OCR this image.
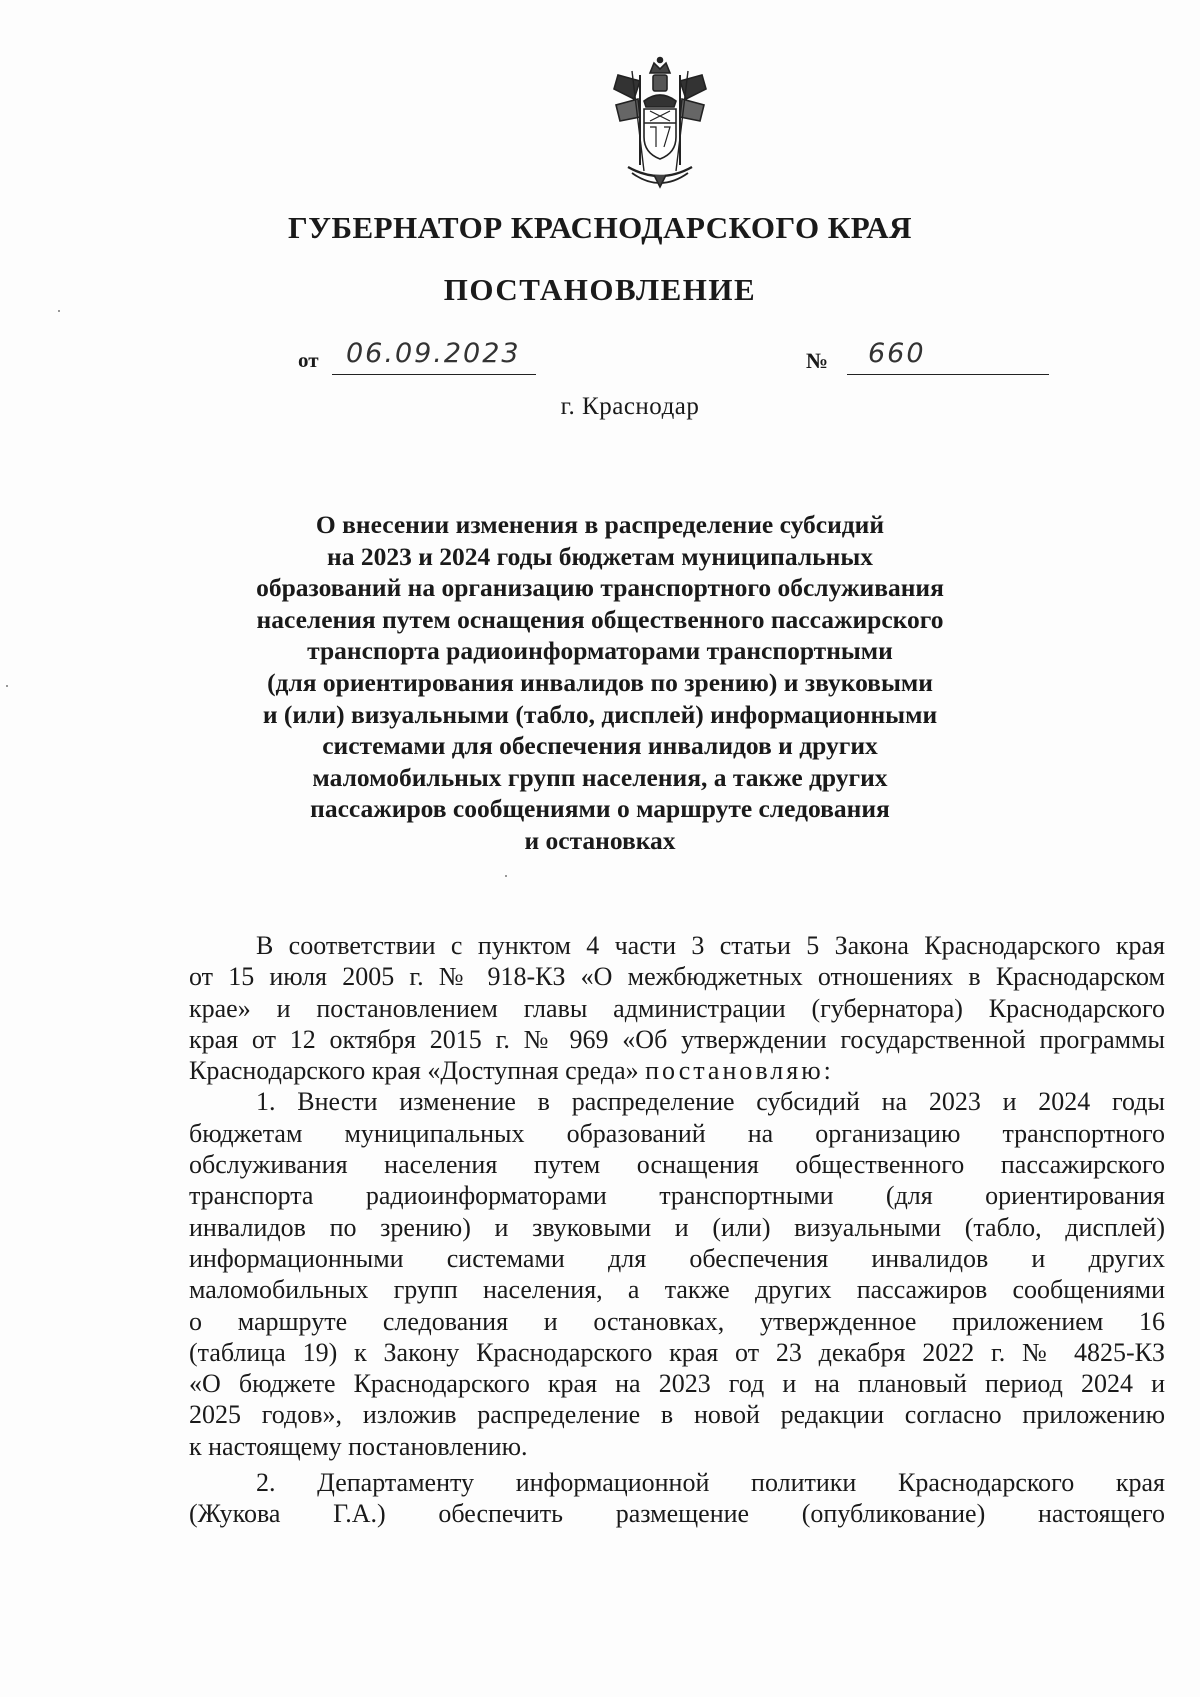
ГУБЕРНАТОР КРАСНОДАРСКОГО КРАЯ
ПОСТАНОВЛЕНИЕ
от 06.09.2023	№ 660
г. Краснодар
О внесении изменения в распределение субсидий
на 2023 и 2024 годы бюджетам муниципальных
образований на организацию транспортного обслуживания
населения путем оснащения общественного пассажирского
транспорта радиоинформаторами транспортными
(для ориентирования инвалидов по зрению) и звуковыми
и (или) визуальными (табло, дисплей) информационными
системами для обеспечения инвалидов и других
маломобильных групп населения, а также других
пассажиров сообщениями о маршруте следования
и остановках
В соответствии с пунктом 4 части 3 статьи 5 Закона Краснодарского края
от 15 июля 2005 г. № 918-КЗ «О межбюджетных отношениях в Краснодарском
крае» и постановлением главы администрации (губернатора) Краснодарского
края от 12 октября 2015 г. № 969 «Об утверждении государственной программы
Краснодарского края «Доступная среда» постановляю:
1. Внести изменение в распределение субсидий на 2023 и 2024 годы
бюджетам муниципальных образований на организацию транспортного
обслуживания населения путем оснащения общественного пассажирского
транспорта радиоинформаторами транспортными (для ориентирования
инвалидов по зрению) и звуковыми и (или) визуальными (табло, дисплей)
информационными системами для обеспечения инвалидов и других
маломобильных групп населения, а также других пассажиров сообщениями
о маршруте следования и остановках, утвержденное приложением 16
(таблица 19) к Закону Краснодарского края от 23 декабря 2022 г. № 4825-КЗ
«О бюджете Краснодарского края на 2023 год и на плановый период 2024 и
2025 годов», изложив распределение в новой редакции согласно приложению
к настоящему постановлению.
2. Департаменту информационной политики Краснодарского края
(Жукова Г.А.) обеспечить размещение (опубликование) настоящего
